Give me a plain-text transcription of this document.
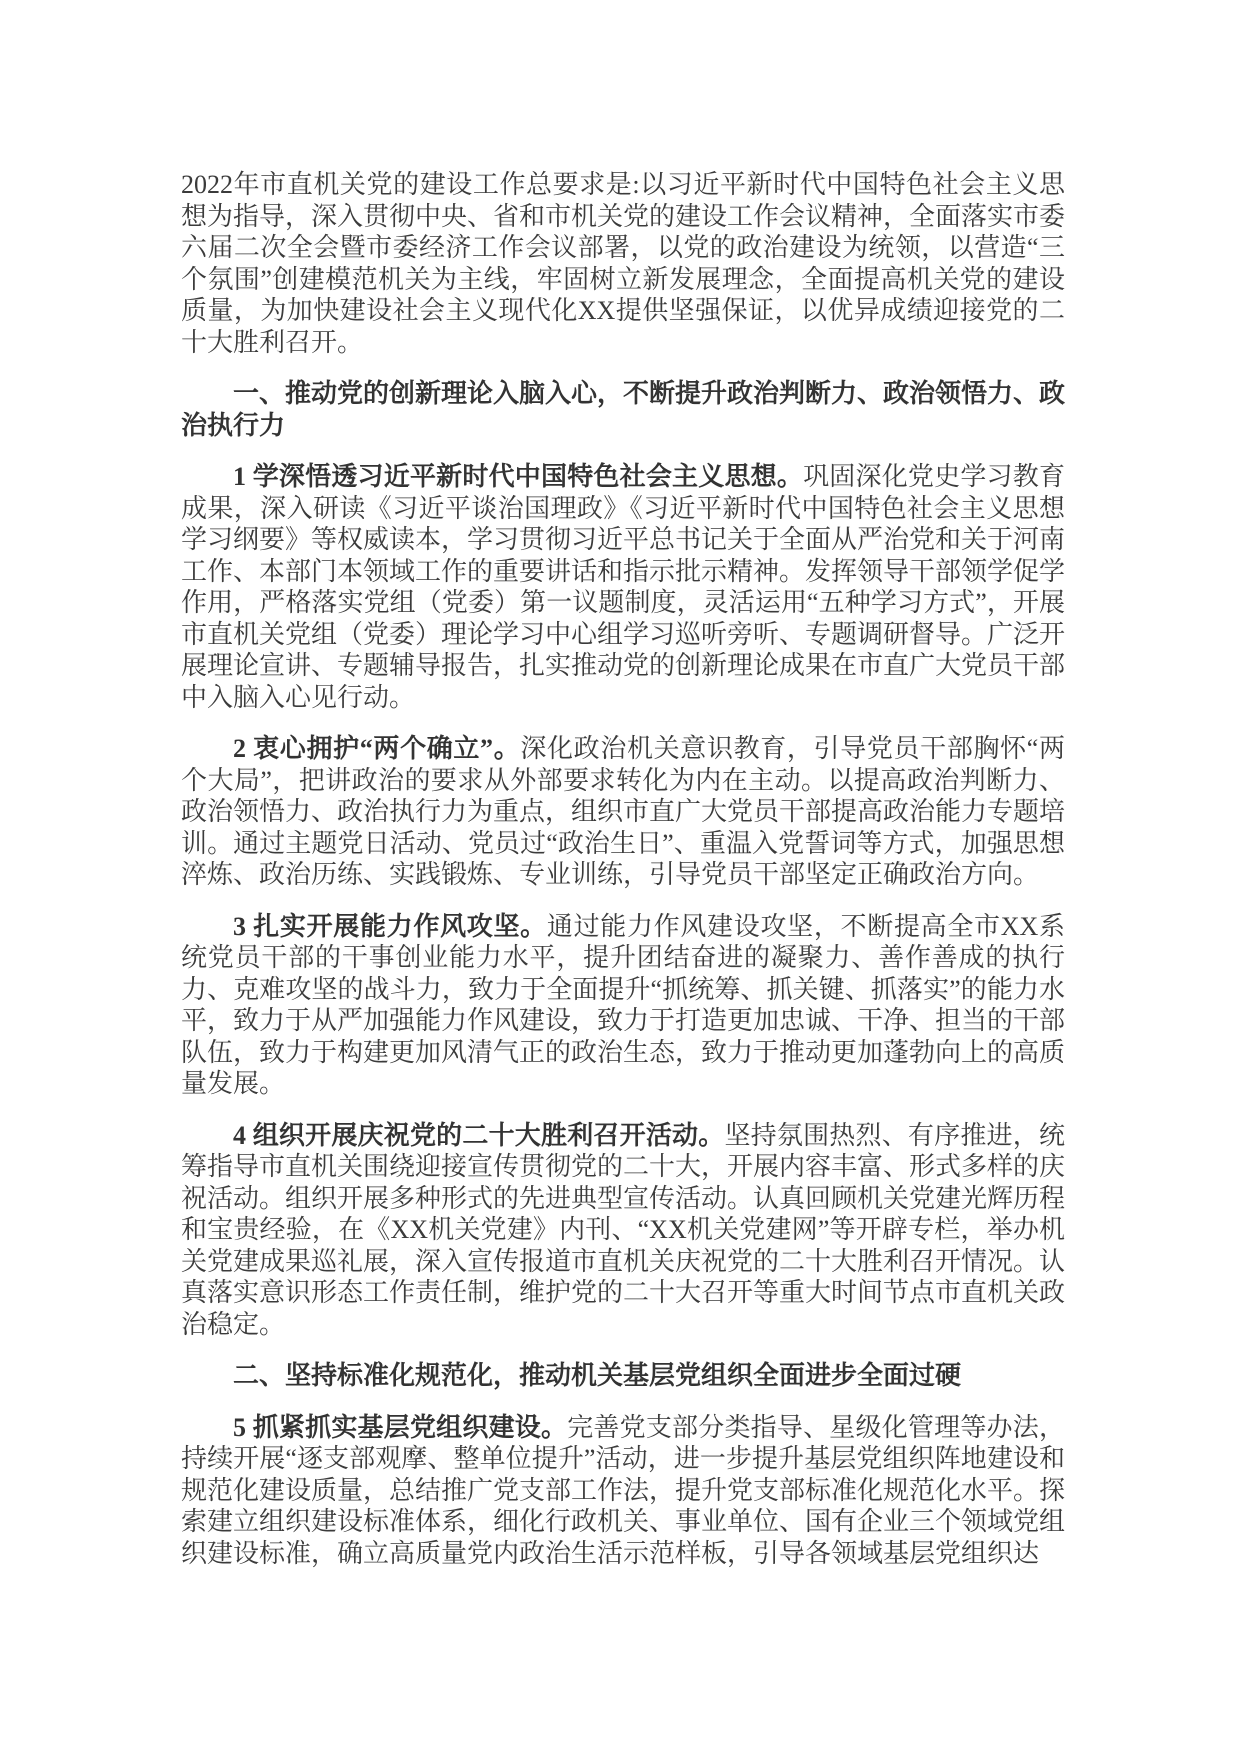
2022年市直机关党的建设工作总要求是:以习近平新时代中国特色社会主义思想为指导，深入贯彻中央、省和市机关党的建设工作会议精神，全面落实市委六届二次全会暨市委经济工作会议部署，以党的政治建设为统领，以营造“三个氛围”创建模范机关为主线，牢固树立新发展理念，全面提高机关党的建设质量，为加快建设社会主义现代化XX提供坚强保证，以优异成绩迎接党的二十大胜利召开。

一、推动党的创新理论入脑入心，不断提升政治判断力、政治领悟力、政治执行力

1 学深悟透习近平新时代中国特色社会主义思想。巩固深化党史学习教育成果，深入研读《习近平谈治国理政》《习近平新时代中国特色社会主义思想学习纲要》等权威读本，学习贯彻习近平总书记关于全面从严治党和关于河南工作、本部门本领域工作的重要讲话和指示批示精神。发挥领导干部领学促学作用，严格落实党组（党委）第一议题制度，灵活运用“五种学习方式”，开展市直机关党组（党委）理论学习中心组学习巡听旁听、专题调研督导。广泛开展理论宣讲、专题辅导报告，扎实推动党的创新理论成果在市直广大党员干部中入脑入心见行动。

2 衷心拥护“两个确立”。深化政治机关意识教育，引导党员干部胸怀“两个大局”，把讲政治的要求从外部要求转化为内在主动。以提高政治判断力、政治领悟力、政治执行力为重点，组织市直广大党员干部提高政治能力专题培训。通过主题党日活动、党员过“政治生日”、重温入党誓词等方式，加强思想淬炼、政治历练、实践锻炼、专业训练，引导党员干部坚定正确政治方向。

3 扎实开展能力作风攻坚。通过能力作风建设攻坚，不断提高全市XX系统党员干部的干事创业能力水平，提升团结奋进的凝聚力、善作善成的执行力、克难攻坚的战斗力，致力于全面提升“抓统筹、抓关键、抓落实”的能力水平，致力于从严加强能力作风建设，致力于打造更加忠诚、干净、担当的干部队伍，致力于构建更加风清气正的政治生态，致力于推动更加蓬勃向上的高质量发展。

4 组织开展庆祝党的二十大胜利召开活动。坚持氛围热烈、有序推进，统筹指导市直机关围绕迎接宣传贯彻党的二十大，开展内容丰富、形式多样的庆祝活动。组织开展多种形式的先进典型宣传活动。认真回顾机关党建光辉历程和宝贵经验，在《XX机关党建》内刊、“XX机关党建网”等开辟专栏，举办机关党建成果巡礼展，深入宣传报道市直机关庆祝党的二十大胜利召开情况。认真落实意识形态工作责任制，维护党的二十大召开等重大时间节点市直机关政治稳定。

二、坚持标准化规范化，推动机关基层党组织全面进步全面过硬

5 抓紧抓实基层党组织建设。完善党支部分类指导、星级化管理等办法，持续开展“逐支部观摩、整单位提升”活动，进一步提升基层党组织阵地建设和规范化建设质量，总结推广党支部工作法，提升党支部标准化规范化水平。探索建立组织建设标准体系，细化行政机关、事业单位、国有企业三个领域党组织建设标准，确立高质量党内政治生活示范样板，引导各领域基层党组织达
